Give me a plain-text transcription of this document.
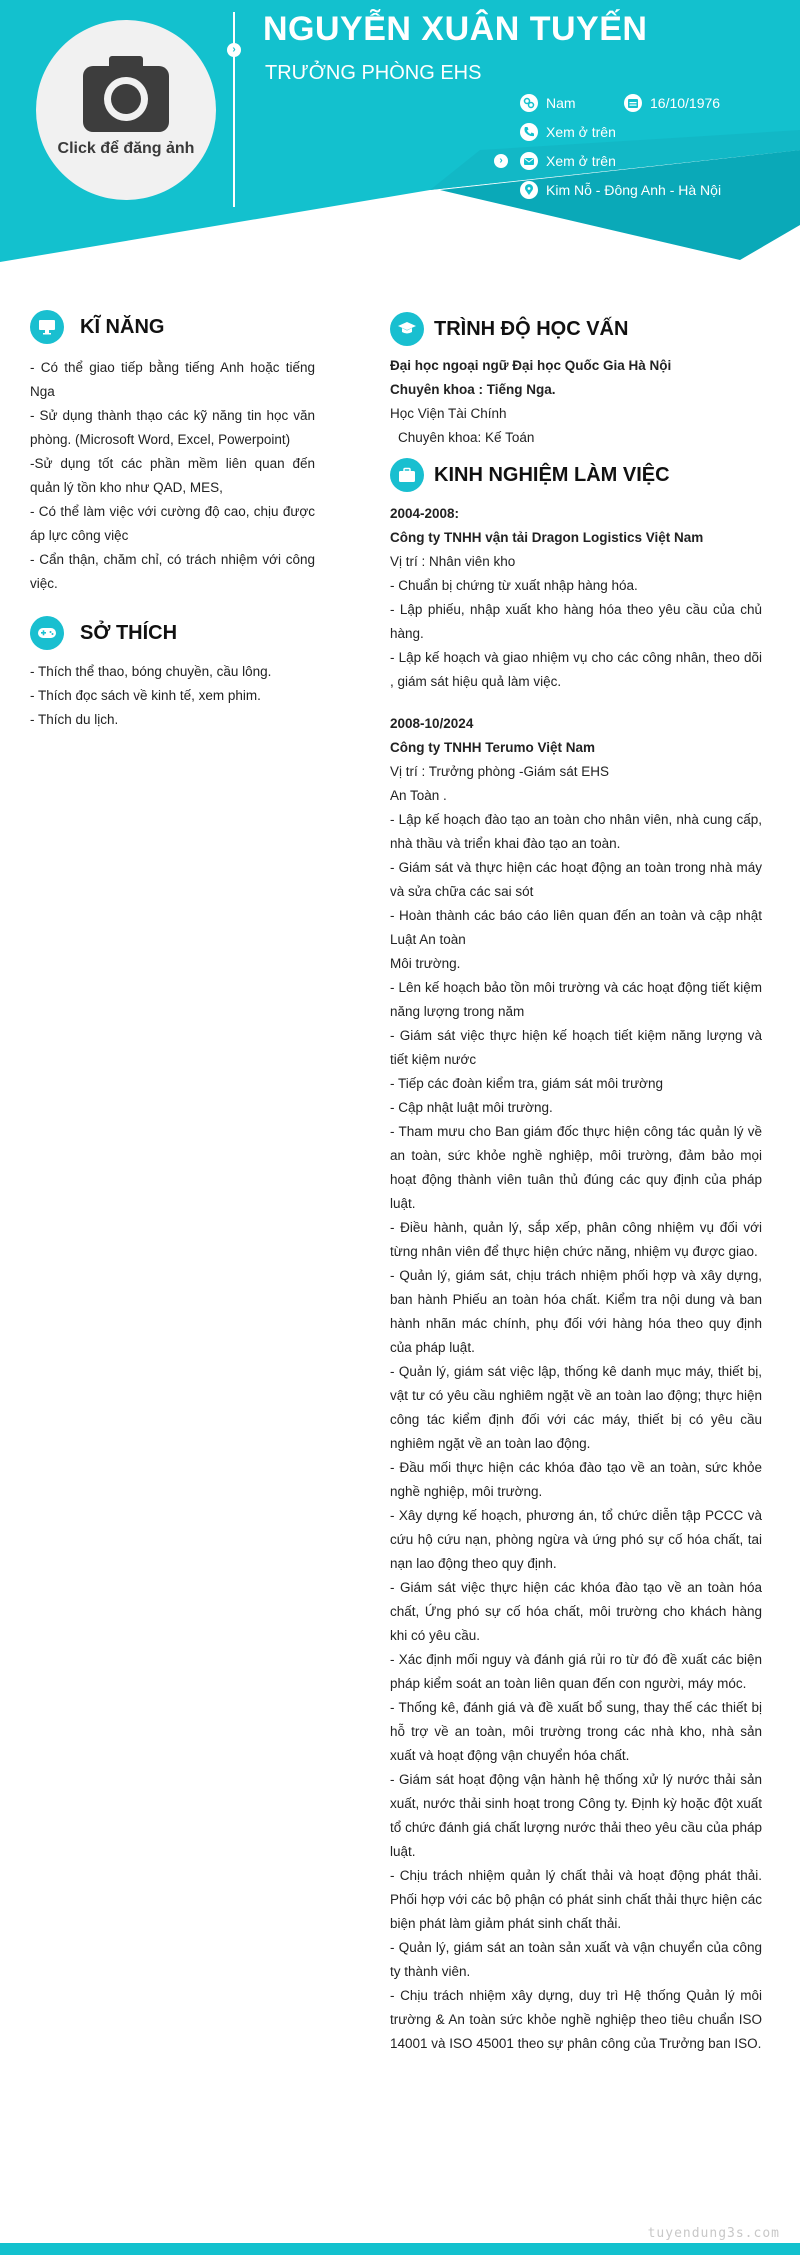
Click để đăng ảnh
›
NGUYỄN XUÂN TUYẾN
TRƯỞNG PHÒNG EHS
›
Nam	16/10/1976
Xem ở trên
Xem ở trên
Kim Nỗ - Đông Anh - Hà Nội
KĨ NĂNG
- Có thể giao tiếp bằng tiếng Anh hoặc tiếng Nga
- Sử dụng thành thạo các kỹ năng tin học văn phòng. (Microsoft Word, Excel, Powerpoint)
-Sử dụng tốt các phần mềm liên quan đến quản lý tồn kho như QAD, MES,
- Có thể làm việc với cường độ cao, chịu được áp lực công việc
- Cẩn thận, chăm chỉ, có trách nhiệm với công việc.
SỞ THÍCH
- Thích thể thao, bóng chuyền, cầu lông.
- Thích đọc sách về kinh tế, xem phim.
- Thích du lịch.
TRÌNH ĐỘ HỌC VẤN
Đại học ngoại ngữ Đại học Quốc Gia Hà Nội
Chuyên khoa : Tiếng Nga.
Học Viện Tài Chính
Chuyên khoa: Kế Toán
KINH NGHIỆM LÀM VIỆC
2004-2008:
Công ty TNHH vận tải Dragon Logistics Việt Nam
Vị trí : Nhân viên kho
- Chuẩn bị chứng từ xuất nhập hàng hóa.
- Lập phiếu, nhập xuất kho hàng hóa theo yêu cầu của chủ hàng.
- Lập kế hoạch và giao nhiệm vụ cho các công nhân, theo dõi , giám sát hiệu quả làm việc.
2008-10/2024
Công ty TNHH Terumo Việt Nam
Vị trí : Trưởng phòng -Giám sát EHS
An Toàn .
- Lập kế hoạch đào tạo an toàn cho nhân viên, nhà cung cấp, nhà thầu và triển khai đào tạo an toàn.
- Giám sát và thực hiện các hoạt động an toàn trong nhà máy và sửa chữa các sai sót
- Hoàn thành các báo cáo liên quan đến an toàn và cập nhật Luật An toàn
Môi trường.
- Lên kế hoạch bảo tồn môi trường và các hoạt động tiết kiệm năng lượng trong năm
- Giám sát việc thực hiện kế hoạch tiết kiệm năng lượng và tiết kiệm nước
- Tiếp các đoàn kiểm tra, giám sát môi trường
- Cập nhật luật môi trường.
- Tham mưu cho Ban giám đốc thực hiện công tác quản lý về an toàn, sức khỏe nghề nghiệp, môi trường, đảm bảo mọi hoạt động thành viên tuân thủ đúng các quy định của pháp luật.
- Điều hành, quản lý, sắp xếp, phân công nhiệm vụ đối với từng nhân viên để thực hiện chức năng, nhiệm vụ được giao.
- Quản lý, giám sát, chịu trách nhiệm phối hợp và xây dựng, ban hành Phiếu an toàn hóa chất. Kiểm tra nội dung và ban hành nhãn mác chính, phụ đối với hàng hóa theo quy định của pháp luật.
- Quản lý, giám sát việc lập, thống kê danh mục máy, thiết bị, vật tư có yêu cầu nghiêm ngặt về an toàn lao động; thực hiện công tác kiểm định đối với các máy, thiết bị có yêu cầu nghiêm ngặt về an toàn lao động.
- Đầu mối thực hiện các khóa đào tạo về an toàn, sức khỏe nghề nghiệp, môi trường.
- Xây dựng kế hoạch, phương án, tổ chức diễn tập PCCC và cứu hộ cứu nạn, phòng ngừa và ứng phó sự cố hóa chất, tai nạn lao động theo quy định.
- Giám sát việc thực hiện các khóa đào tạo về an toàn hóa chất, Ứng phó sự cố hóa chất, môi trường cho khách hàng khi có yêu cầu.
- Xác định mối nguy và đánh giá rủi ro từ đó đề xuất các biện pháp kiểm soát an toàn liên quan đến con người, máy móc.
- Thống kê, đánh giá và đề xuất bổ sung, thay thế các thiết bị hỗ trợ về an toàn, môi trường trong các nhà kho, nhà sản xuất và hoạt động vận chuyển hóa chất.
- Giám sát hoạt động vận hành hệ thống xử lý nước thải sản xuất, nước thải sinh hoạt trong Công ty. Định kỳ hoặc đột xuất tổ chức đánh giá chất lượng nước thải theo yêu cầu của pháp luật.
- Chịu trách nhiệm quản lý chất thải và hoạt động phát thải. Phối hợp với các bộ phận có phát sinh chất thải thực hiện các biện phát làm giảm phát sinh chất thải.
- Quản lý, giám sát an toàn sản xuất và vận chuyển của công ty thành viên.
- Chịu trách nhiệm xây dựng, duy trì Hệ thống Quản lý môi trường & An toàn sức khỏe nghề nghiệp theo tiêu chuẩn ISO 14001 và ISO 45001 theo sự phân công của Trưởng ban ISO.
tuyendung3s.com
